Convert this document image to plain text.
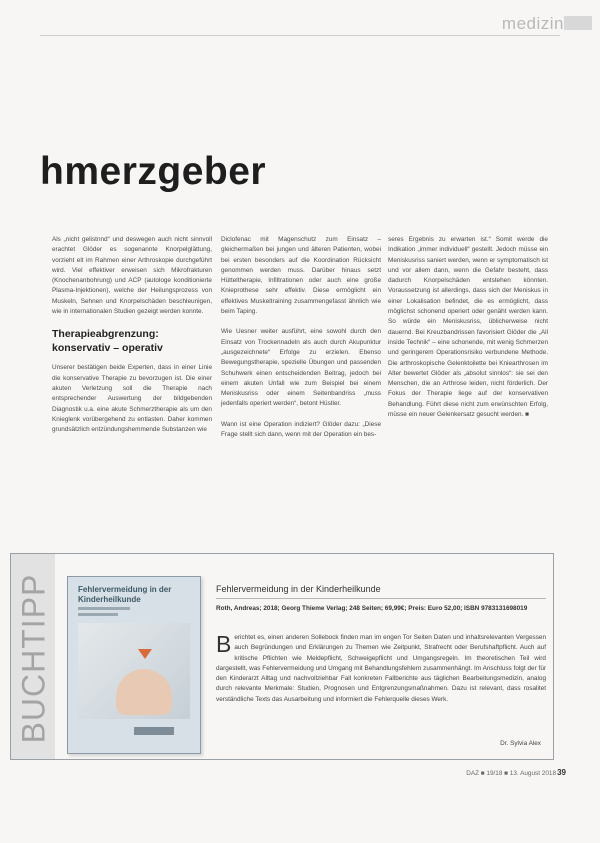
medizin
hmerzgeber

Als „nicht gelistnnd“ und deswegen auch nicht sinnvoll erachtet Glöder es sogenannte Knorpelglättung, vorzieht elt im Rahmen einer Arthroskopie durchgeführt wird. Viel effektiver erweisen sich Mikrofrakturen (Knochenanbohrung) und ACP (autologe konditionierte Plasma-Injektionen), welche der Heilungsprozess von Muskeln, Sehnen und Knorpelschäden beschleunigen, wie in internationalen Studien gezeigt werden konnte.

Therapieabgrenzung: konservativ – operativ

Unserer bestätigen beide Experten, dass in einer Linie die konservative Therapie zu bevorzugen ist. Die einer akuten Verletzung soll die Therapie nach entsprechender Auswertung der bildgebenden Diagnostik u.a. eine akute Schmerztherapie als um den Knieglenk vorübergehend zu entlasten. Daher kommen grundsätzlich entzündungshemmende Substanzen wie

Diclofenac mit Magenschutz zum Einsatz – gleichermaßen bei jungen und älteren Patienten, wobei bei ersten besonders auf die Koordination Rücksicht genommen werden muss. Darüber hinaus setzt Hütteltherapie, Infiltrationen oder auch eine große Knieprothese sehr effektiv. Diese ermöglicht ein effektives Muskeltraining zusammengefasst ähnlich wie beim Taping.

Wie Uesner weiter ausführt, eine sowohl durch den Einsatz von Trockennadeln als auch durch Akupunktur „ausgezeichnete“ Erfolge zu erzielen. Ebenso Bewegungstherapie, spezielle Übungen und passenden Schuhwerk einen entscheidenden Beitrag, jedoch bei einem akuten Unfall wie zum Beispiel bei einem Meniskusriss oder einem Seitenbandriss „muss jedenfalls operiert werden“, betont Hüstler.

Wann ist eine Operation indiziert? Glöder dazu: „Diese Frage stellt sich dann, wenn mit der Operation ein bes-

seres Ergebnis zu erwarten ist.“ Somit werde die Indikation „immer individuell“ gestellt. Jedoch müsse ein Meniskusriss saniert werden, wenn er symptomatisch ist und vor allem dann, wenn die Gefahr besteht, dass dadurch Knorpelschäden entstehen könnten. Voraussetzung ist allerdings, dass sich der Meniskus in einer Lokalisation befindet, die es ermöglicht, dass möglichst schonend operiert oder genäht werden kann. So würde ein Meniskusriss, üblicherweise nicht dauernd. Bei Kreuzbandrissen favorisiert Glöder die „All inside Technik“ – eine schonende, mit wenig Schmerzen und geringerem Operationsrisiko verbundene Methode. Die arthroskopische Gelenktoilette bei Kniearthrosen im Alter bewertet Glöder als „absolut sinnlos“: sie sei den Menschen, die an Arthrose leiden, nicht förderlich. Der Fokus der Therapie liege auf der konservativen Behandlung. Führt diese nicht zum erwünschten Erfolg, müsse ein neuer Gelenkersatz gesucht werden. ■

BUCHTIPP	Fehlervermeidung in der Kinderheilkunde
Fehlervermeidung in der Kinderheilkunde
Roth, Andreas; 2018; Georg Thieme Verlag; 248 Seiten; 69,99€; Preis: Euro 52,00; ISBN 9783131698019
Berichtet es, einen anderen Sollebock finden man im engen Tor Seiten Daten und inhaltsrelevanten Vergessen auch Begründungen und Erklärungen zu Themen wie Zeitpunkt, Strafrecht oder Berufshaftpflicht. Auch auf kritische Pflichten wie Meldepflicht, Schweigepflicht und Umgangsregeln. Im theoretischen Teil wird dargestellt, was Fehlervermeidung und Umgang mit Behandlungsfehlern zusammenhängt. Im Anschluss folgt der für den Kinderarzt Alltag und nachvollziehbar Fall konkreten Fallberichte aus täglichen Bearbeitungsmedizin, analog durch relevante Merkmale: Studien, Prognosen und Entgrenzungsmaßnahmen. Dazu ist relevant, dass rosalitet verständliche Texts das Ausarbeitung und informiert die Fehlerquelle dieses Werk.
Dr. Sylvia Alex
DAZ ■ 19/18 ■ 13. August 2018 39
